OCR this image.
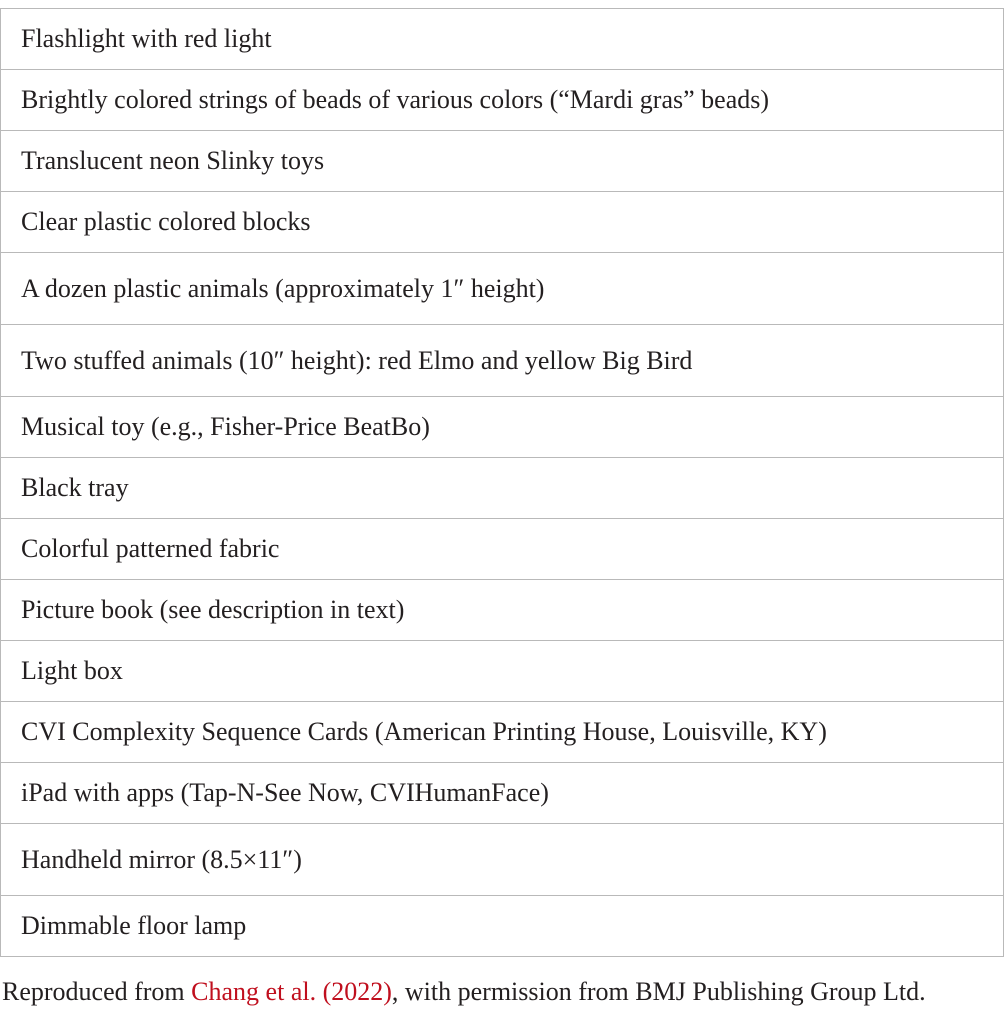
Flashlight with red light
Brightly colored strings of beads of various colors (“Mardi gras” beads)
Translucent neon Slinky toys
Clear plastic colored blocks
A dozen plastic animals (approximately 1″ height)
Two stuffed animals (10″ height): red Elmo and yellow Big Bird
Musical toy (e.g., Fisher-Price BeatBo)
Black tray
Colorful patterned fabric
Picture book (see description in text)
Light box
CVI Complexity Sequence Cards (American Printing House, Louisville, KY)
iPad with apps (Tap-N-See Now, CVIHumanFace)
Handheld mirror (8.5×11″)
Dimmable floor lamp
Reproduced from Chang et al. (2022), with permission from BMJ Publishing Group Ltd.
